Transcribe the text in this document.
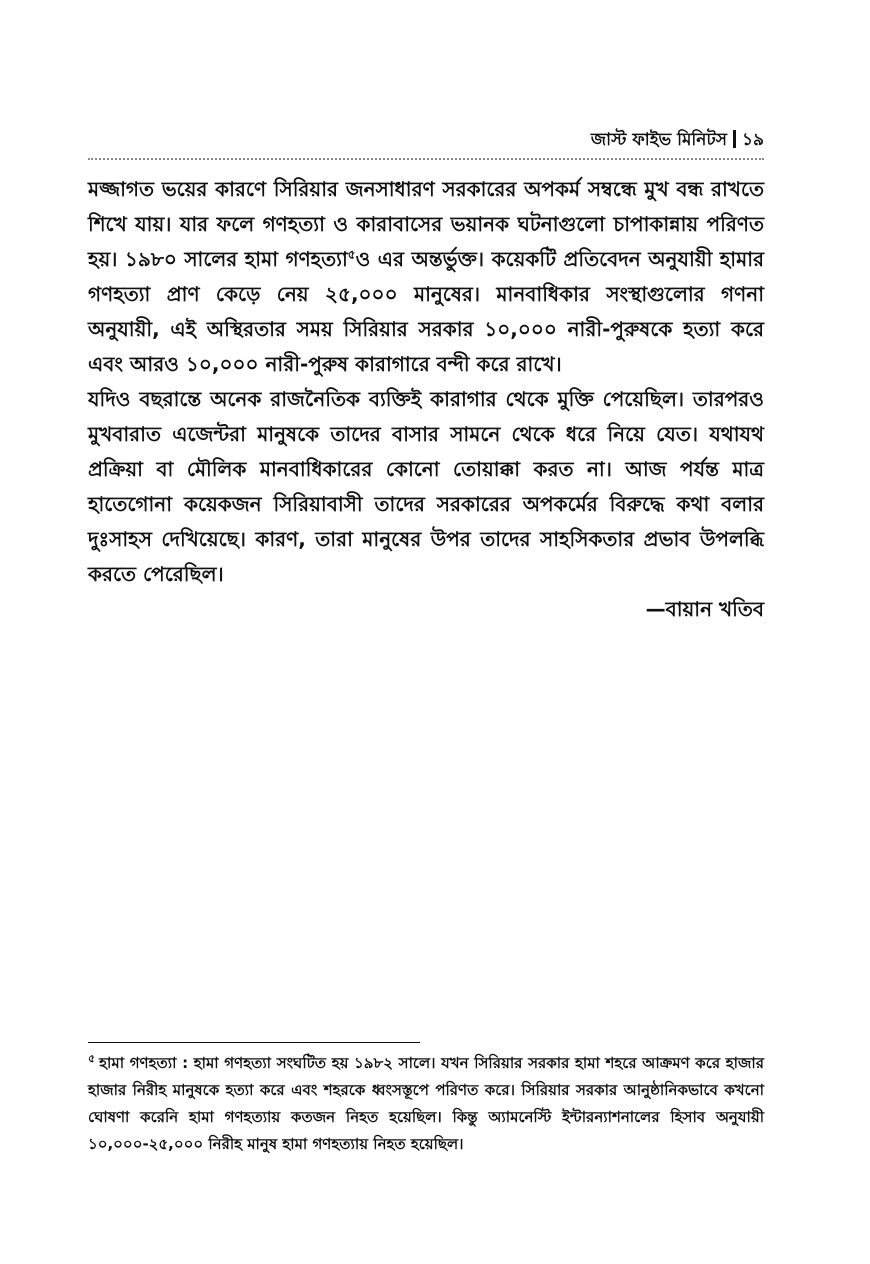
জাস্ট ফাইভ মিনিটস ১৯

মজ্জাগত ভয়ের কারণে সিরিয়ার জনসাধারণ সরকারের অপকর্ম সম্বন্ধে মুখ বন্ধ রাখতে শিখে যায়। যার ফলে গণহত্যা ও কারাবাসের ভয়ানক ঘটনাগুলো চাপাকান্নায় পরিণত হয়। ১৯৮০ সালের হামা গণহত্যা$^৫$ও এর অন্তর্ভুক্ত। কয়েকটি প্রতিবেদন অনুযায়ী হামার গণহত্যা প্রাণ কেড়ে নেয় ২৫,০০০ মানুষের। মানবাধিকার সংস্থাগুলোর গণনা অনুযায়ী, এই অস্থিরতার সময় সিরিয়ার সরকার ১০,০০০ নারী-পুরুষকে হত্যা করে এবং আরও ১০,০০০ নারী-পুরুষ কারাগারে বন্দী করে রাখে।

যদিও বছরান্তে অনেক রাজনৈতিক ব্যক্তিই কারাগার থেকে মুক্তি পেয়েছিল। তারপরও মুখবারাত এজেন্টরা মানুষকে তাদের বাসার সামনে থেকে ধরে নিয়ে যেত। যথাযথ প্রক্রিয়া বা মৌলিক মানবাধিকারের কোনো তোয়াক্কা করত না। আজ পর্যন্ত মাত্র হাতেগোনা কয়েকজন সিরিয়াবাসী তাদের সরকারের অপকর্মের বিরুদ্ধে কথা বলার দুঃসাহস দেখিয়েছে। কারণ, তারা মানুষের উপর তাদের সাহসিকতার প্রভাব উপলব্ধি করতে পেরেছিল।

—বায়ান খতিব

$^৫$ হামা গণহত্যা : হামা গণহত্যা সংঘটিত হয় ১৯৮২ সালে। যখন সিরিয়ার সরকার হামা শহরে আক্রমণ করে হাজার হাজার নিরীহ মানুষকে হত্যা করে এবং শহরকে ধ্বংসস্তূপে পরিণত করে। সিরিয়ার সরকার আনুষ্ঠানিকভাবে কখনো ঘোষণা করেনি হামা গণহত্যায় কতজন নিহত হয়েছিল। কিন্তু অ্যামনেস্টি ইন্টারন্যাশনালের হিসাব অনুযায়ী ১০,০০০-২৫,০০০ নিরীহ মানুষ হামা গণহত্যায় নিহত হয়েছিল।
